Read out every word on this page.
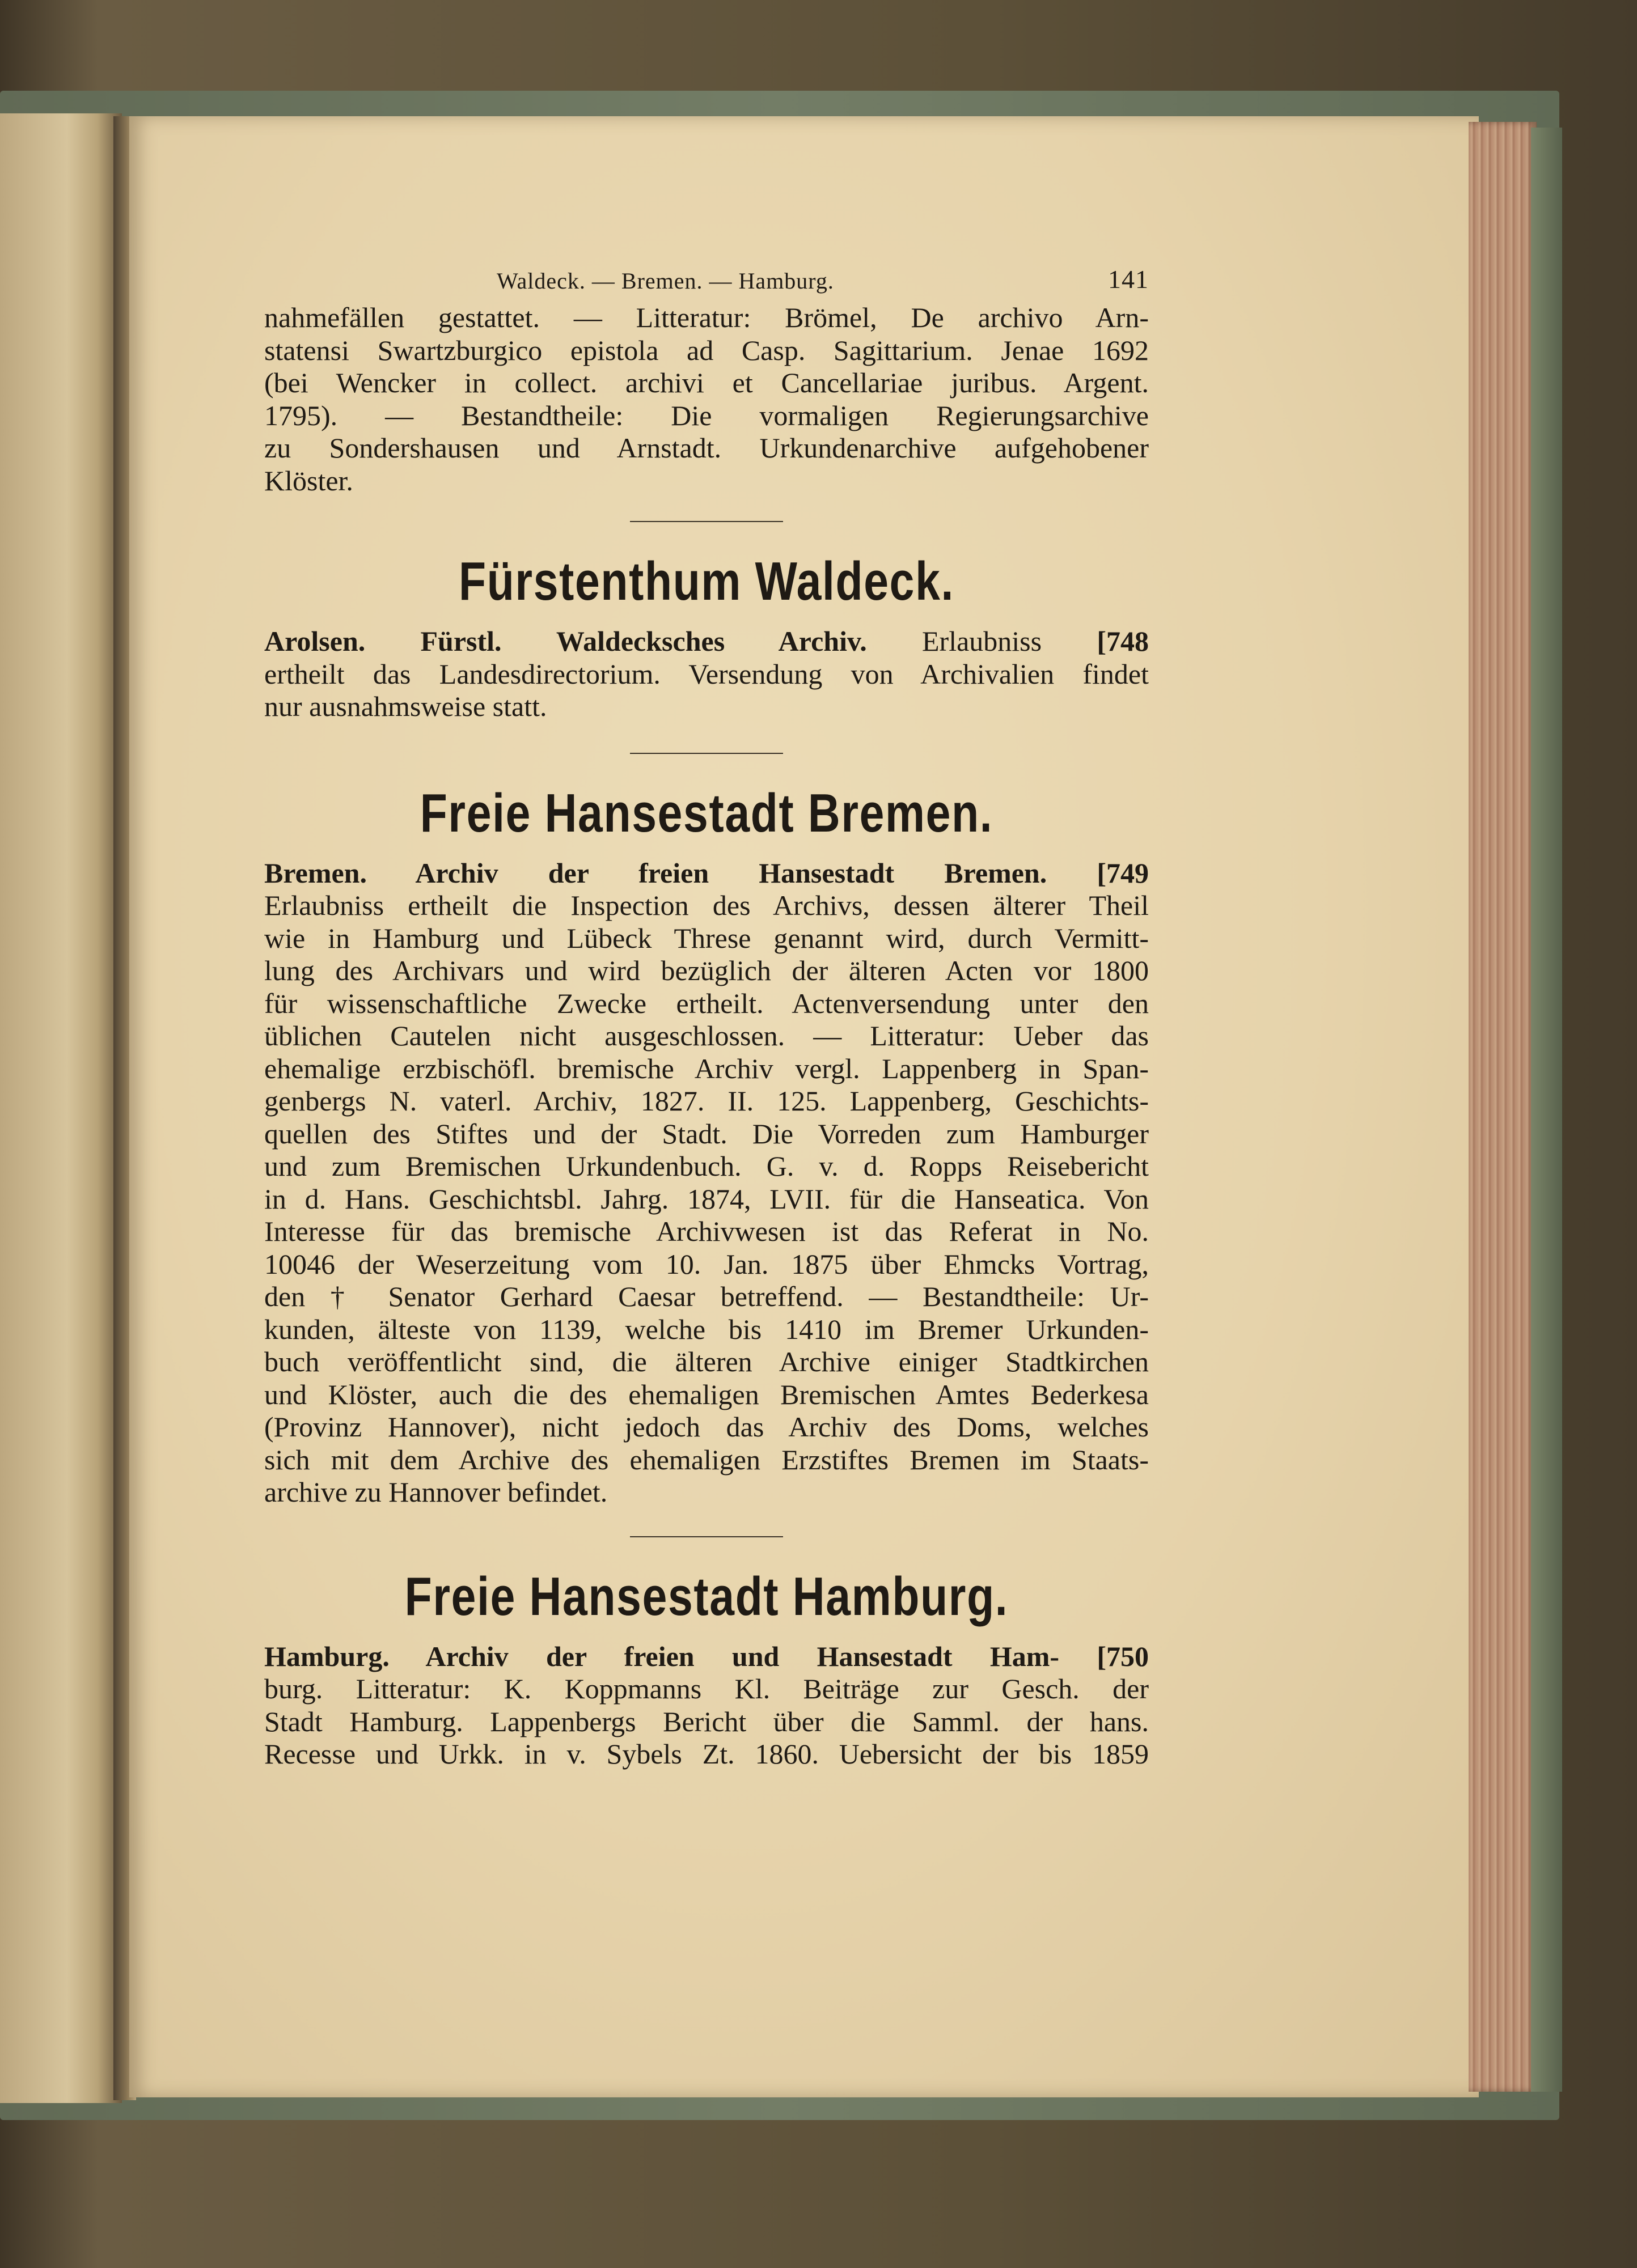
Waldeck. — Bremen. — Hamburg.	141
nahmefällen gestattet. — Litteratur: Brömel, De archivo Arn-
statensi Swartzburgico epistola ad Casp. Sagittarium. Jenae 1692
(bei Wencker in collect. archivi et Cancellariae juribus. Argent.
1795). — Bestandtheile: Die vormaligen Regierungsarchive
zu Sondershausen und Arnstadt. Urkundenarchive aufgehobener
Klöster.
Fürstenthum Waldeck.
Arolsen. Fürstl. Waldecksches Archiv. Erlaubniss [748
ertheilt das Landesdirectorium. Versendung von Archivalien findet
nur ausnahmsweise statt.
Freie Hansestadt Bremen.
Bremen. Archiv der freien Hansestadt Bremen. [749
Erlaubniss ertheilt die Inspection des Archivs, dessen älterer Theil
wie in Hamburg und Lübeck Threse genannt wird, durch Vermitt-
lung des Archivars und wird bezüglich der älteren Acten vor 1800
für wissenschaftliche Zwecke ertheilt. Actenversendung unter den
üblichen Cautelen nicht ausgeschlossen. — Litteratur: Ueber das
ehemalige erzbischöfl. bremische Archiv vergl. Lappenberg in Span-
genbergs N. vaterl. Archiv, 1827. II. 125. Lappenberg, Geschichts-
quellen des Stiftes und der Stadt. Die Vorreden zum Hamburger
und zum Bremischen Urkundenbuch. G. v. d. Ropps Reisebericht
in d. Hans. Geschichtsbl. Jahrg. 1874, LVII. für die Hanseatica. Von
Interesse für das bremische Archivwesen ist das Referat in No.
10046 der Weserzeitung vom 10. Jan. 1875 über Ehmcks Vortrag,
den † Senator Gerhard Caesar betreffend. — Bestandtheile: Ur-
kunden, älteste von 1139, welche bis 1410 im Bremer Urkunden-
buch veröffentlicht sind, die älteren Archive einiger Stadtkirchen
und Klöster, auch die des ehemaligen Bremischen Amtes Bederkesa
(Provinz Hannover), nicht jedoch das Archiv des Doms, welches
sich mit dem Archive des ehemaligen Erzstiftes Bremen im Staats-
archive zu Hannover befindet.
Freie Hansestadt Hamburg.
Hamburg. Archiv der freien und Hansestadt Ham- [750
burg. Litteratur: K. Koppmanns Kl. Beiträge zur Gesch. der
Stadt Hamburg. Lappenbergs Bericht über die Samml. der hans.
Recesse und Urkk. in v. Sybels Zt. 1860. Uebersicht der bis 1859
